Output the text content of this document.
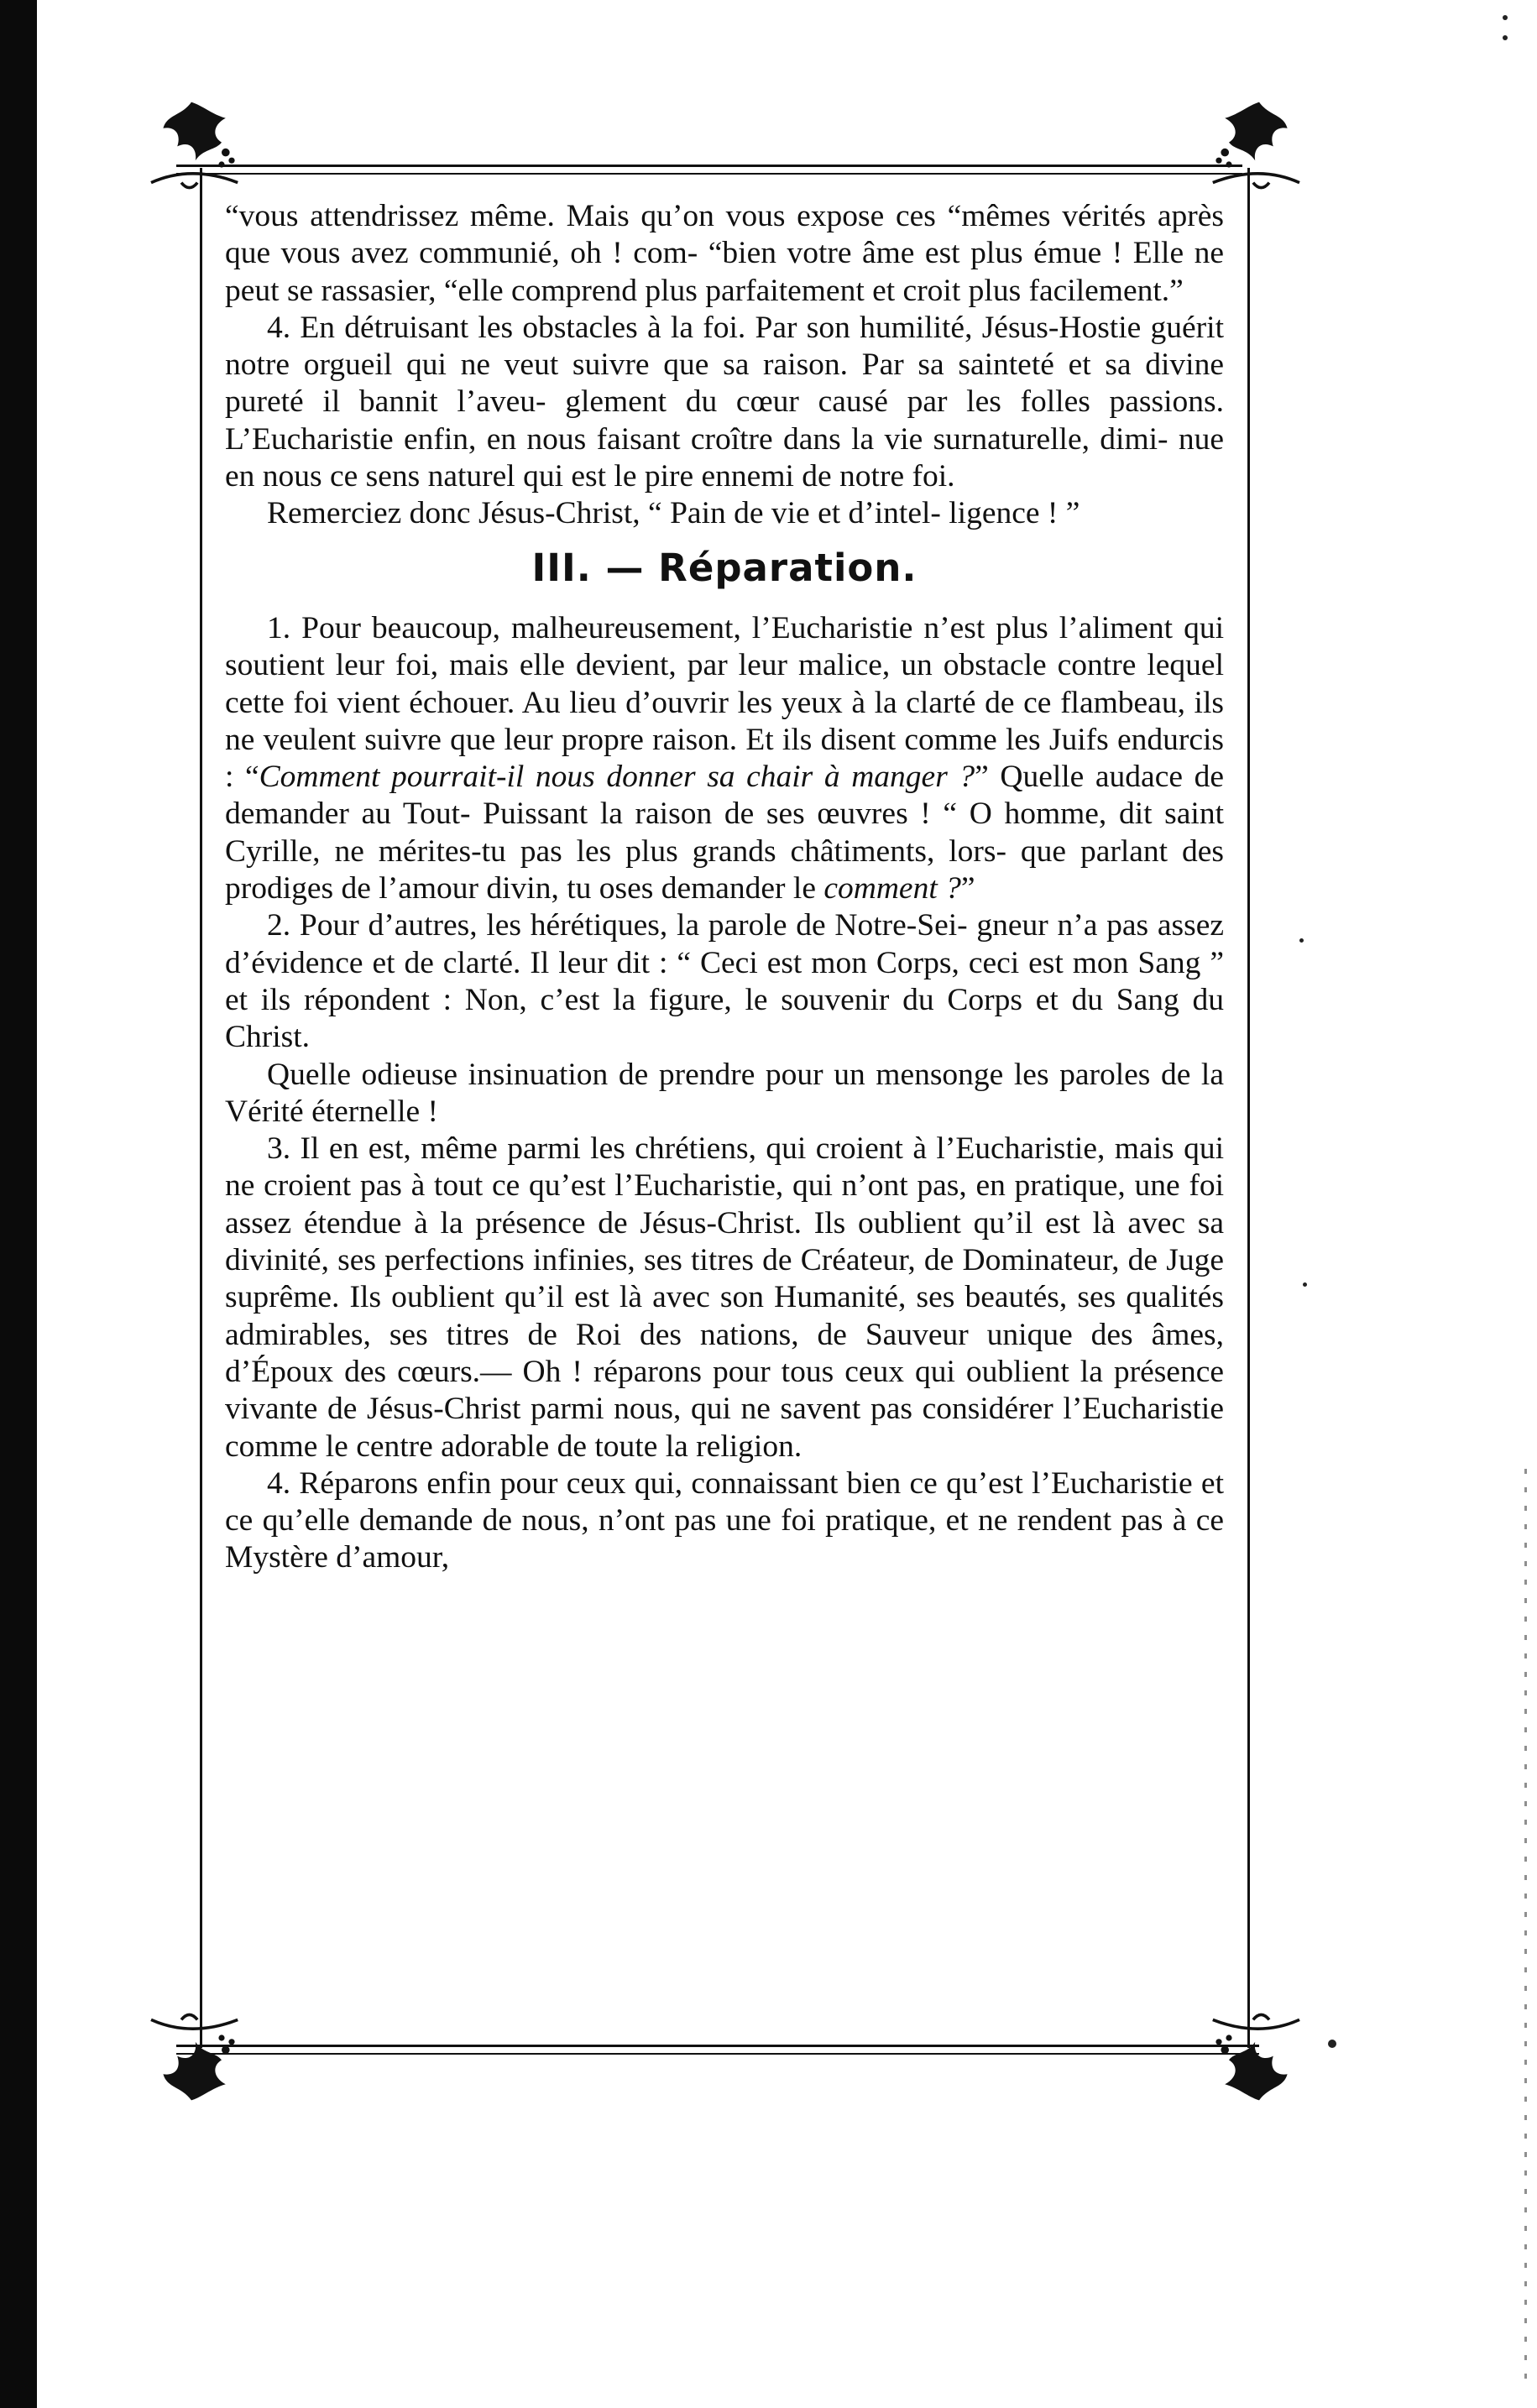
“vous attendrissez même. Mais qu’on vous expose ces “mêmes vérités après que vous avez communié, oh ! com- “bien votre âme est plus émue ! Elle ne peut se rassasier, “elle comprend plus parfaitement et croit plus facilement.”

4. En détruisant les obstacles à la foi. Par son humilité, Jésus-Hostie guérit notre orgueil qui ne veut suivre que sa raison. Par sa sainteté et sa divine pureté il bannit l’aveu- glement du cœur causé par les folles passions. L’Eucharistie enfin, en nous faisant croître dans la vie surnaturelle, dimi- nue en nous ce sens naturel qui est le pire ennemi de notre foi.

Remerciez donc Jésus-Christ, “ Pain de vie et d’intel- ligence ! ”

III. — Réparation.

1. Pour beaucoup, malheureusement, l’Eucharistie n’est plus l’aliment qui soutient leur foi, mais elle devient, par leur malice, un obstacle contre lequel cette foi vient échouer. Au lieu d’ouvrir les yeux à la clarté de ce flambeau, ils ne veulent suivre que leur propre raison. Et ils disent comme les Juifs endurcis : “Comment pourrait-il nous donner sa chair à manger ?” Quelle audace de demander au Tout- Puissant la raison de ses œuvres ! “ O homme, dit saint Cyrille, ne mérites-tu pas les plus grands châtiments, lors- que parlant des prodiges de l’amour divin, tu oses demander le comment ?”

2. Pour d’autres, les hérétiques, la parole de Notre-Sei- gneur n’a pas assez d’évidence et de clarté. Il leur dit : “ Ceci est mon Corps, ceci est mon Sang ” et ils répondent : Non, c’est la figure, le souvenir du Corps et du Sang du Christ.

Quelle odieuse insinuation de prendre pour un mensonge les paroles de la Vérité éternelle !

3. Il en est, même parmi les chrétiens, qui croient à l’Eucharistie, mais qui ne croient pas à tout ce qu’est l’Eucharistie, qui n’ont pas, en pratique, une foi assez étendue à la présence de Jésus-Christ. Ils oublient qu’il est là avec sa divinité, ses perfections infinies, ses titres de Créateur, de Dominateur, de Juge suprême. Ils oublient qu’il est là avec son Humanité, ses beautés, ses qualités admirables, ses titres de Roi des nations, de Sauveur unique des âmes, d’Époux des cœurs.— Oh ! réparons pour tous ceux qui oublient la présence vivante de Jésus-Christ parmi nous, qui ne savent pas considérer l’Eucharistie comme le centre adorable de toute la religion.

4. Réparons enfin pour ceux qui, connaissant bien ce qu’est l’Eucharistie et ce qu’elle demande de nous, n’ont pas une foi pratique, et ne rendent pas à ce Mystère d’amour,
